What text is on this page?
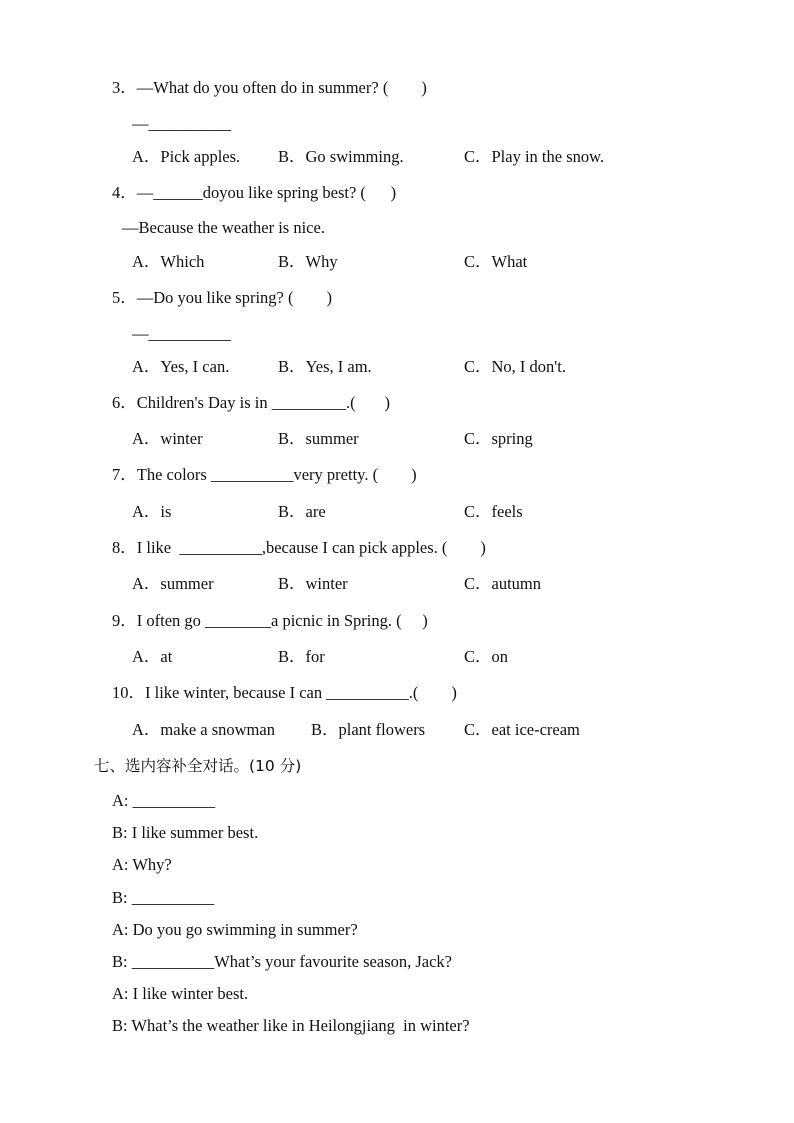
3．—What do you often do in summer? (        )
—__________
A．Pick apples. B．Go swimming.	C．Play in the snow.
4．—______doyou like spring best? (      )
—Because the weather is nice.
A．Which	B．Why	C．What
5．—Do you like spring? (        )
—__________
A．Yes, I can.	B．Yes, I am.	C．No, I don't.
6．Children's Day is in _________.(       )
A．winter	B．summer	C．spring
7．The colors __________very pretty. (        )
A．is	B．are	C．feels
8．I like  __________,because I can pick apples. (        )
A．summer	B．winter	C．autumn
9．I often go ________a picnic in Spring. (     )
A．at	B．for	C．on
10．I like winter, because I can __________.(        )
A．make a snowman B．plant flowers C．eat ice-cream
七、选内容补全对话。(10 分)
A: __________
B: I like summer best.
A: Why?
B: __________
A: Do you go swimming in summer?
B: __________What’s your favourite season, Jack?
A: I like winter best.
B: What’s the weather like in Heilongjiang  in winter?
